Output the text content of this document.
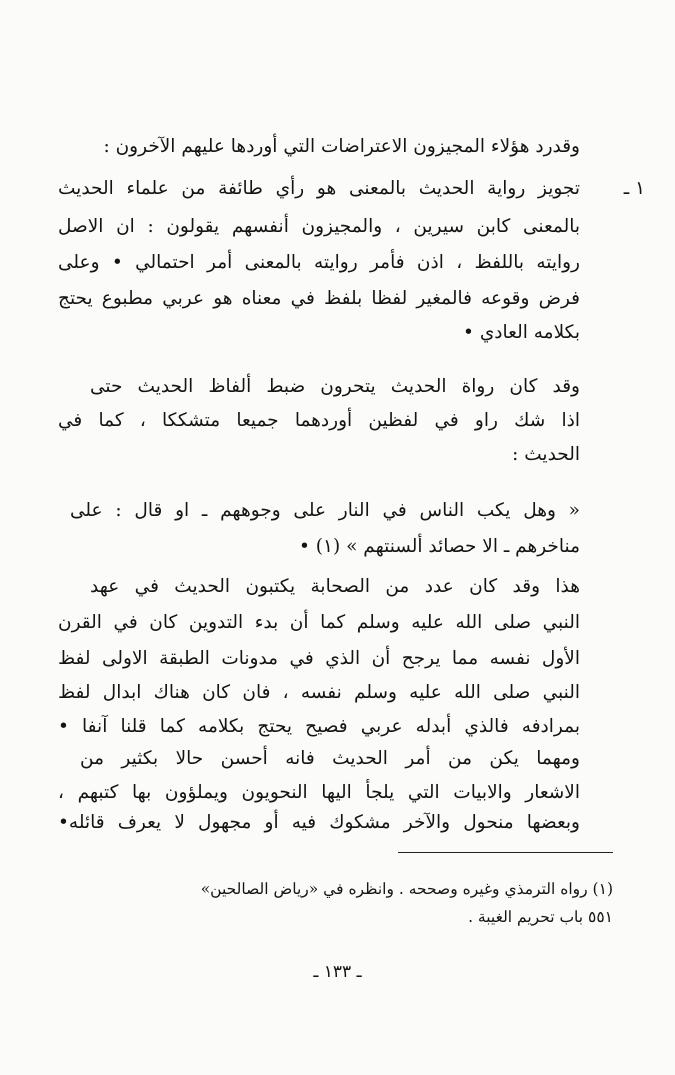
وقدرد هؤلاء المجيزون الاعتراضات التي أوردها عليهم الآخرون :
١ ـ
تجويز رواية الحديث بالمعنى هو رأي طائفة من علماء الحديث
بالمعنى كابن سيرين ، والمجيزون أنفسهم يقولون : ان الاصل
روايته باللفظ ، اذن فأمر روايته بالمعنى أمر احتمالي • وعلى
فرض وقوعه فالمغير لفظا بلفظ في معناه هو عربي مطبوع يحتج
بكلامه العادي •
وقد كان رواة الحديث يتحرون ضبط ألفاظ الحديث حتى
اذا شك راو في لفظين أوردهما جميعا متشككا ، كما في
الحديث :
« وهل يكب الناس في النار على وجوههم ـ او قال : على
مناخرهم ـ الا حصائد ألسنتهم » (١) •
هذا وقد كان عدد من الصحابة يكتبون الحديث في عهد
النبي صلى الله عليه وسلم كما أن بدء التدوين كان في القرن
الأول نفسه مما يرجح أن الذي في مدونات الطبقة الاولى لفظ
النبي صلى الله عليه وسلم نفسه ، فان كان هناك ابدال لفظ
بمرادفه فالذي أبدله عربي فصيح يحتج بكلامه كما قلنا آنفا •
ومهما يكن من أمر الحديث فانه أحسن حالا بكثير من
الاشعار والابيات التي يلجأ اليها النحويون ويملؤون بها كتبهم ،
وبعضها منحول والآخر مشكوك فيه أو مجهول لا يعرف قائله•
(١) رواه الترمذي وغيره وصححه . وانظره في «رياض الصالحين»
٥٥١ باب تحريم الغيبة .
ـ ١٣٣ ـ
